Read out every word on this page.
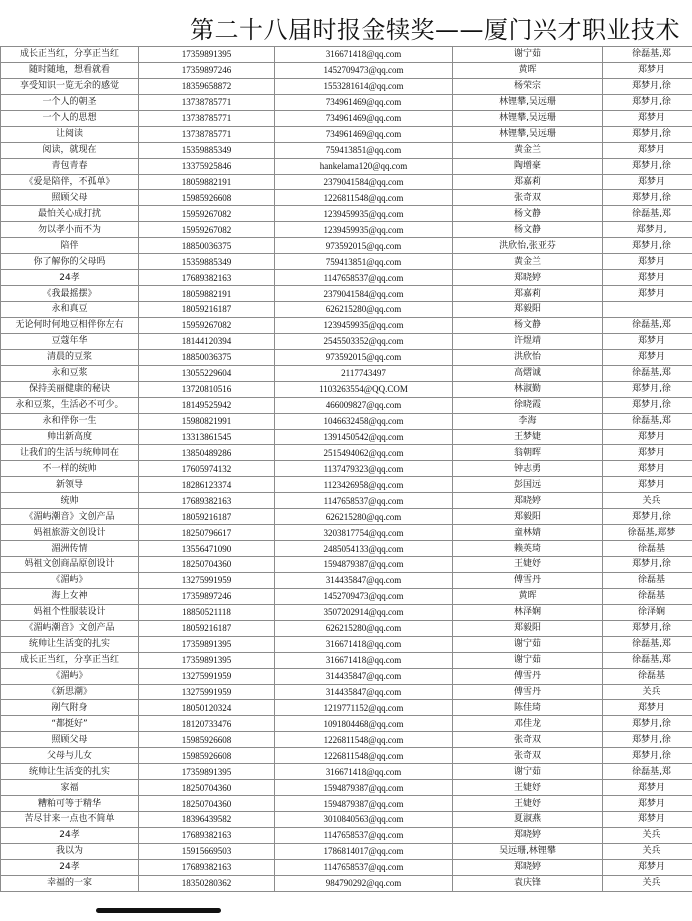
第二十八届时报金犊奖——厦门兴才职业技术
成长正当红，分享正当红	17359891395	316671418@qq.com	谢宁茹	徐磊基,郑
随时随地，想看就看	17359897246	1452709473@qq.com	黄晖	郑梦月
享受知识一览无余的感觉	18359658872	1553281614@qq.com	杨荣宗	郑梦月,徐
一个人的朝圣	13738785771	734961469@qq.com	林锂攀,吴远珊	郑梦月,徐
一个人的思想	13738785771	734961469@qq.com	林锂攀,吴远珊	郑梦月
让阅读	13738785771	734961469@qq.com	林锂攀,吴远珊	郑梦月,徐
阅读，就现在	15359885349	759413851@qq.com	黄金兰	郑梦月
青包青春	13375925846	hankelama120@qq.com	陶增豪	郑梦月,徐
《爱是陪伴，不孤单》	18059882191	2379041584@qq.com	郑嘉莉	郑梦月
照顾父母	15985926608	1226811548@qq.com	张奇双	郑梦月,徐
最怕关心成打扰	15959267082	1239459935@qq.com	杨文静	徐磊基,郑
勿以孝小而不为	15959267082	1239459935@qq.com	杨文静	郑梦月,
陪伴	18850036375	973592015@qq.com	洪欣怡,张亚芬	郑梦月,徐
你了解你的父母吗	15359885349	759413851@qq.com	黄金兰	郑梦月
24孝	17689382163	1147658537@qq.com	郑晓婷	郑梦月
《我最摇摆》	18059882191	2379041584@qq.com	郑嘉莉	郑梦月
永和真豆	18059216187	626215280@qq.com	郑毅阳	
无论何时何地豆相伴你左右	15959267082	1239459935@qq.com	杨文静	徐磊基,郑
豆蔻年华	18144120394	2545503352@qq.com	许煜靖	郑梦月
清晨的豆浆	18850036375	973592015@qq.com	洪欣怡	郑梦月
永和豆浆	13055229604	2117743497	高熠诚	徐磊基,郑
保持美丽健康的秘诀	13720810516	1103263554@QQ.COM	林淑勤	郑梦月,徐
永和豆浆，生活必不可少。	18149525942	466009827@qq.com	徐晓霞	郑梦月,徐
永和伴你一生	15980821991	1046632458@qq.com	李海	徐磊基,郑
帅出新高度	13313861545	1391450542@qq.com	王梦婕	郑梦月
让我们的生活与统帅同在	13850489286	2515494062@qq.com	翁朝晖	郑梦月
不一样的统帅	17605974132	1137479323@qq.com	钟志勇	郑梦月
新领导	18286123374	1123426958@qq.com	彭国远	郑梦月
统帅	17689382163	1147658537@qq.com	郑晓婷	关兵
《湄屿潮音》文创产品	18059216187	626215280@qq.com	郑毅阳	郑梦月,徐
妈祖旅游文创设计	18250796617	3203817754@qq.com	童林婧	徐磊基,郑梦
湄洲传情	13556471090	2485054133@qq.com	赖英琦	徐磊基
妈祖文创商品原创设计	18250704360	1594879387@qq.com	王婕妤	郑梦月,徐
《湄屿》	13275991959	314435847@qq.com	傅雪丹	徐磊基
海上女神	17359897246	1452709473@qq.com	黄晖	徐磊基
妈祖个性服装设计	18850521118	3507202914@qq.com	林泽娴	徐泽娴
《湄屿潮音》文创产品	18059216187	626215280@qq.com	郑毅阳	郑梦月,徐
统帅让生活变的扎实	17359891395	316671418@qq.com	谢宁茹	徐磊基,郑
成长正当红，分享正当红	17359891395	316671418@qq.com	谢宁茹	徐磊基,郑
《湄屿》	13275991959	314435847@qq.com	傅雪丹	徐磊基
《新思潮》	13275991959	314435847@qq.com	傅雪丹	关兵
剐气附身	18050120324	1219771152@qq.com	陈佳琦	郑梦月
“都挺好”	18120733476	1091804468@qq.com	邓佳龙	郑梦月,徐
照顾父母	15985926608	1226811548@qq.com	张奇双	郑梦月,徐
父母与儿女	15985926608	1226811548@qq.com	张奇双	郑梦月,徐
统帅让生活变的扎实	17359891395	316671418@qq.com	谢宁茹	徐磊基,郑
家福	18250704360	1594879387@qq.com	王婕妤	郑梦月
糟粕可等于精华	18250704360	1594879387@qq.com	王婕妤	郑梦月
苦尽甘来一点也不简单	18396439582	3010840563@qq.com	夏淑燕	郑梦月
24孝	17689382163	1147658537@qq.com	郑晓婷	关兵
我以为	15915669503	1786814017@qq.com	吴远珊,林锂攀	关兵
24孝	17689382163	1147658537@qq.com	郑晓婷	郑梦月
幸福的一家	18350280362	984790292@qq.com	袁庆锋	关兵
